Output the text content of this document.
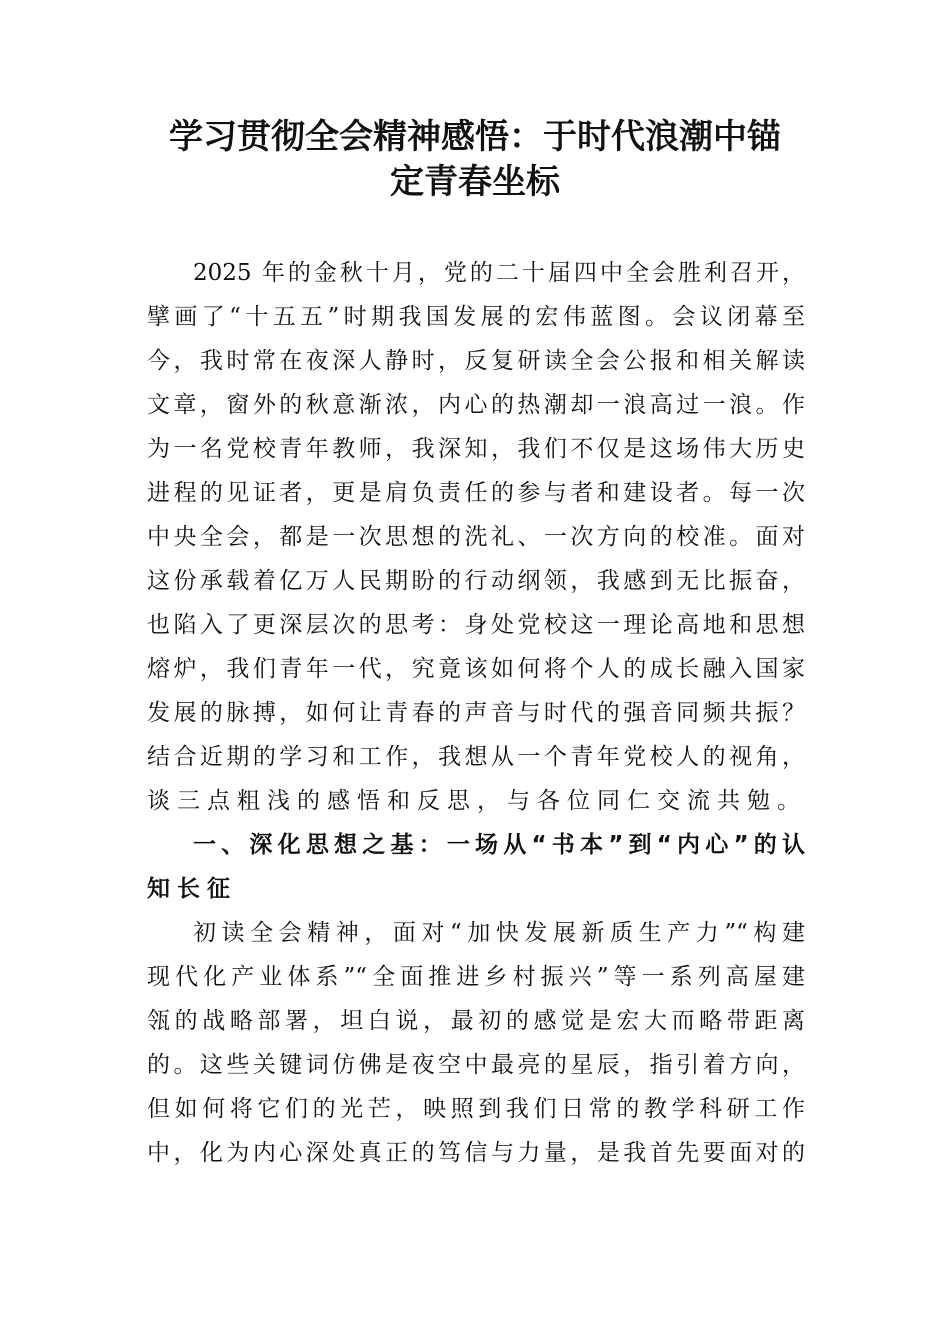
学习贯彻全会精神感悟：于时代浪潮中锚
定青春坐标
2025 年的金秋十月，党的二十届四中全会胜利召开，
擘画了“十五五”时期我国发展的宏伟蓝图。会议闭幕至
今，我时常在夜深人静时，反复研读全会公报和相关解读
文章，窗外的秋意渐浓，内心的热潮却一浪高过一浪。作
为一名党校青年教师，我深知，我们不仅是这场伟大历史
进程的见证者，更是肩负责任的参与者和建设者。每一次
中央全会，都是一次思想的洗礼、一次方向的校准。面对
这份承载着亿万人民期盼的行动纲领，我感到无比振奋，
也陷入了更深层次的思考：身处党校这一理论高地和思想
熔炉，我们青年一代，究竟该如何将个人的成长融入国家
发展的脉搏，如何让青春的声音与时代的强音同频共振？
结合近期的学习和工作，我想从一个青年党校人的视角，
谈三点粗浅的感悟和反思，与各位同仁交流共勉。
一、深化思想之基：一场从“书本”到“内心”的认
知长征
初读全会精神，面对“加快发展新质生产力”“构建
现代化产业体系”“全面推进乡村振兴”等一系列高屋建
瓴的战略部署，坦白说，最初的感觉是宏大而略带距离
的。这些关键词仿佛是夜空中最亮的星辰，指引着方向，
但如何将它们的光芒，映照到我们日常的教学科研工作
中，化为内心深处真正的笃信与力量，是我首先要面对的
